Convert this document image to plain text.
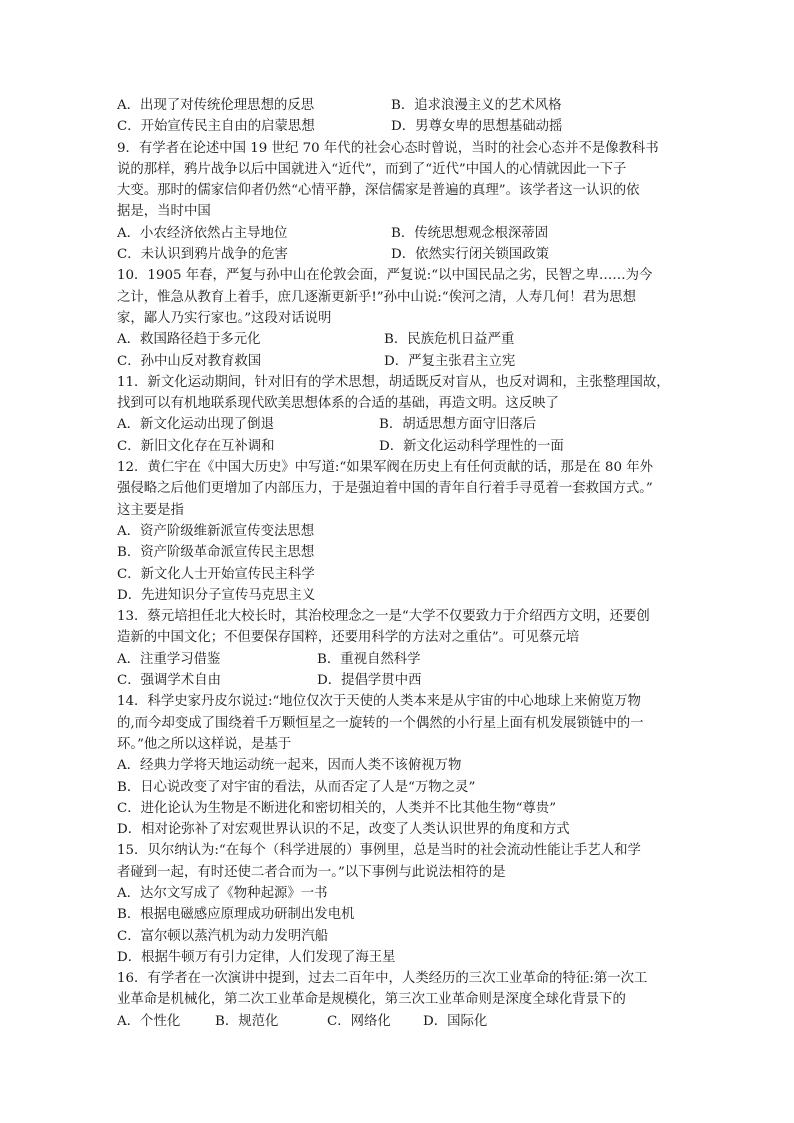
A．出现了对传统伦理思想的反思	B．追求浪漫主义的艺术风格
C．开始宣传民主自由的启蒙思想	D．男尊女卑的思想基础动摇
9．有学者在论述中国 19 世纪 70 年代的社会心态时曾说，当时的社会心态并不是像教科书
说的那样，鸦片战争以后中国就进入“近代”，而到了“近代”中国人的心情就因此一下子
大变。那时的儒家信仰者仍然“心情平静，深信儒家是普遍的真理”。该学者这一认识的依
据是，当时中国
A．小农经济依然占主导地位	B．传统思想观念根深蒂固
C．未认识到鸦片战争的危害	D．依然实行闭关锁国政策
10．1905 年春，严复与孙中山在伦敦会面，严复说:“以中国民品之劣，民智之卑……为今
之计，惟急从教育上着手，庶几逐渐更新乎!”孙中山说:“俟河之清，人寿几何！君为思想
家，鄙人乃实行家也。”这段对话说明
A．救国路径趋于多元化	B．民族危机日益严重
C．孙中山反对教育救国	D．严复主张君主立宪
11．新文化运动期间，针对旧有的学术思想，胡适既反对盲从，也反对调和，主张整理国故，
找到可以有机地联系现代欧美思想体系的合适的基础，再造文明。这反映了
A．新文化运动出现了倒退	B．胡适思想方面守旧落后
C．新旧文化存在互补调和	D．新文化运动科学理性的一面
12．黄仁宇在《中国大历史》中写道:“如果军阀在历史上有任何贡献的话，那是在 80 年外
强侵略之后他们更增加了内部压力，于是强迫着中国的青年自行着手寻觅着一套救国方式。”
这主要是指
A．资产阶级维新派宣传变法思想
B．资产阶级革命派宣传民主思想
C．新文化人士开始宣传民主科学
D．先进知识分子宣传马克思主义
13．蔡元培担任北大校长时，其治校理念之一是“大学不仅要致力于介绍西方文明，还要创
造新的中国文化；不但要保存国粹，还要用科学的方法对之重估”。可见蔡元培
A．注重学习借鉴	B．重视自然科学
C．强调学术自由	D．提倡学贯中西
14．科学史家丹皮尔说过:“地位仅次于天使的人类本来是从宇宙的中心地球上来俯览万物
的,而今却变成了围绕着千万颗恒星之一旋转的一个偶然的小行星上面有机发展锁链中的一
环。”他之所以这样说，是基于
A．经典力学将天地运动统一起来，因而人类不该俯视万物
B．日心说改变了对宇宙的看法，从而否定了人是“万物之灵”
C．进化论认为生物是不断进化和密切相关的，人类并不比其他生物“尊贵”
D．相对论弥补了对宏观世界认识的不足，改变了人类认识世界的角度和方式
15．贝尔纳认为:“在每个（科学进展的）事例里，总是当时的社会流动性能让手艺人和学
者碰到一起，有时还使二者合而为一。”以下事例与此说法相符的是
A．达尔文写成了《物种起源》一书
B．根据电磁感应原理成功研制出发电机
C．富尔顿以蒸汽机为动力发明汽船
D．根据牛顿万有引力定律，人们发现了海王星
16．有学者在一次演讲中提到，过去二百年中，人类经历的三次工业革命的特征:第一次工
业革命是机械化，第二次工业革命是规模化，第三次工业革命则是深度全球化背景下的
A．个性化	B．规范化	C．网络化	D．国际化
